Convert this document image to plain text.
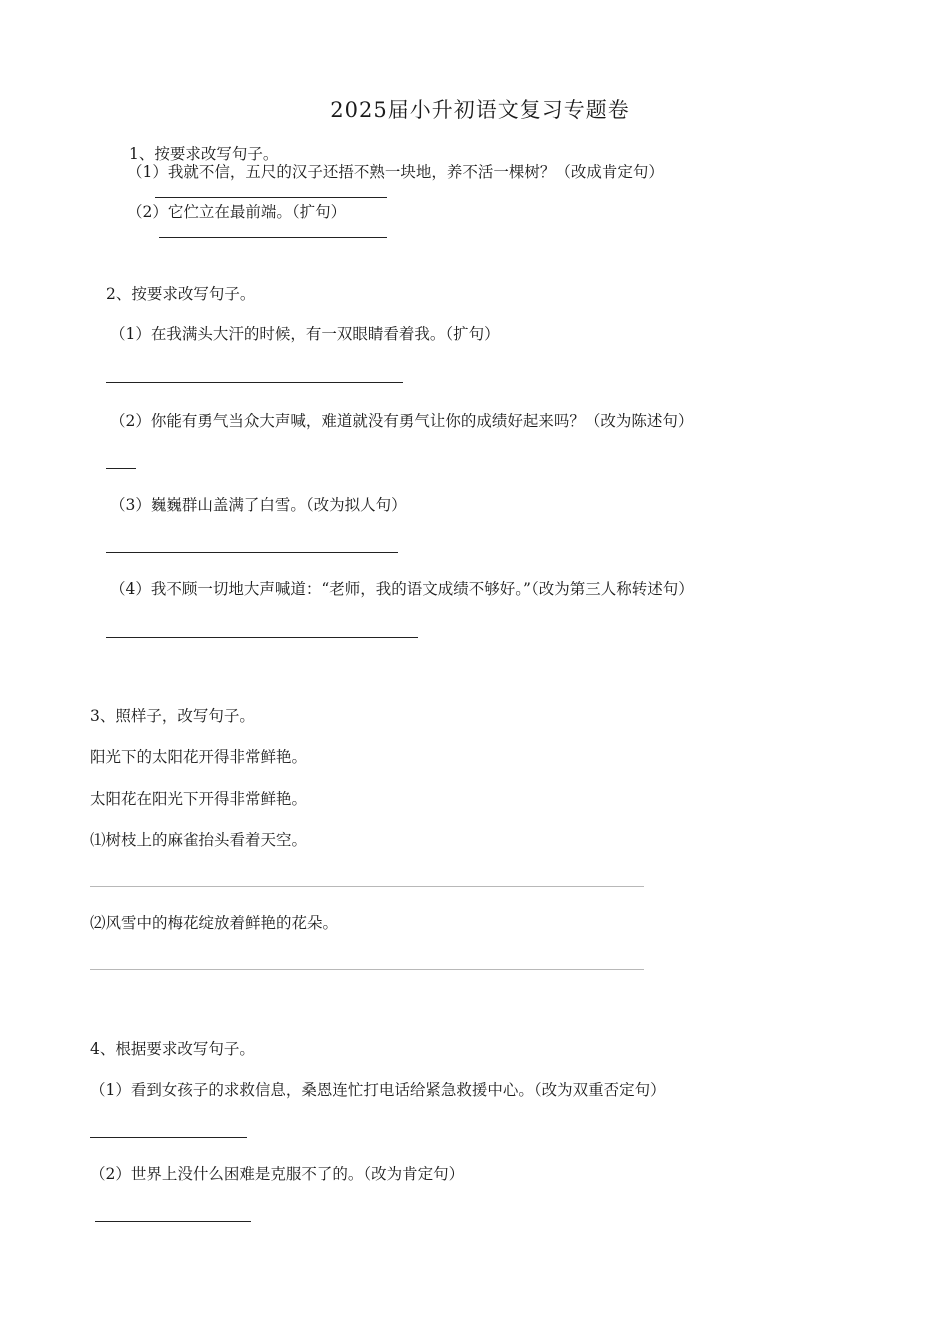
2025届小升初语文复习专题卷
1、按要求改写句子。
（1）我就不信，五尺的汉子还捂不熟一块地，养不活一棵树？（改成肯定句）
（2）它伫立在最前端。（扩句）
2、按要求改写句子。
（1）在我满头大汗的时候，有一双眼睛看着我。（扩句）
（2）你能有勇气当众大声喊，难道就没有勇气让你的成绩好起来吗？（改为陈述句）
（3）巍巍群山盖满了白雪。（改为拟人句）
（4）我不顾一切地大声喊道：“老师，我的语文成绩不够好。”（改为第三人称转述句）
3、照样子，改写句子。
阳光下的太阳花开得非常鲜艳。
太阳花在阳光下开得非常鲜艳。
⑴树枝上的麻雀抬头看着天空。
⑵风雪中的梅花绽放着鲜艳的花朵。
4、根据要求改写句子。
（1）看到女孩子的求救信息，桑恩连忙打电话给紧急救援中心。（改为双重否定句）
（2）世界上没什么困难是克服不了的。（改为肯定句）
